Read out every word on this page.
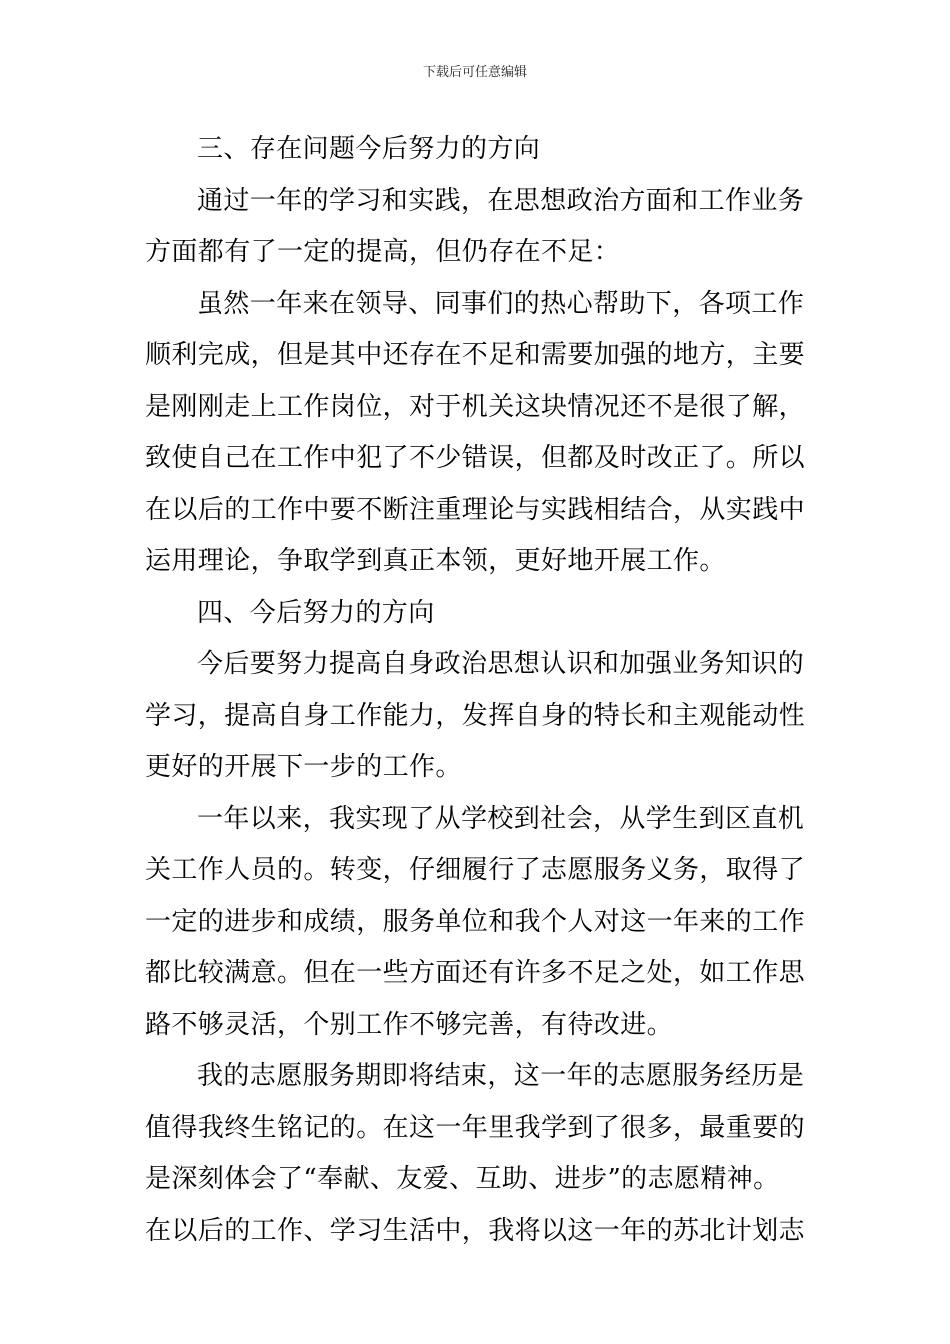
下载后可任意编辑
三、存在问题今后努力的方向
通过一年的学习和实践，在思想政治方面和工作业务
方面都有了一定的提高，但仍存在不足：
虽然一年来在领导、同事们的热心帮助下，各项工作
顺利完成，但是其中还存在不足和需要加强的地方，主要
是刚刚走上工作岗位，对于机关这块情况还不是很了解，
致使自己在工作中犯了不少错误，但都及时改正了。所以
在以后的工作中要不断注重理论与实践相结合，从实践中
运用理论，争取学到真正本领，更好地开展工作。
四、今后努力的方向
今后要努力提高自身政治思想认识和加强业务知识的
学习，提高自身工作能力，发挥自身的特长和主观能动性
更好的开展下一步的工作。
一年以来，我实现了从学校到社会，从学生到区直机
关工作人员的。转变，仔细履行了志愿服务义务，取得了
一定的进步和成绩，服务单位和我个人对这一年来的工作
都比较满意。但在一些方面还有许多不足之处，如工作思
路不够灵活，个别工作不够完善，有待改进。
我的志愿服务期即将结束，这一年的志愿服务经历是
值得我终生铭记的。在这一年里我学到了很多，最重要的
是深刻体会了“奉献、友爱、互助、进步”的志愿精神。
在以后的工作、学习生活中，我将以这一年的苏北计划志
